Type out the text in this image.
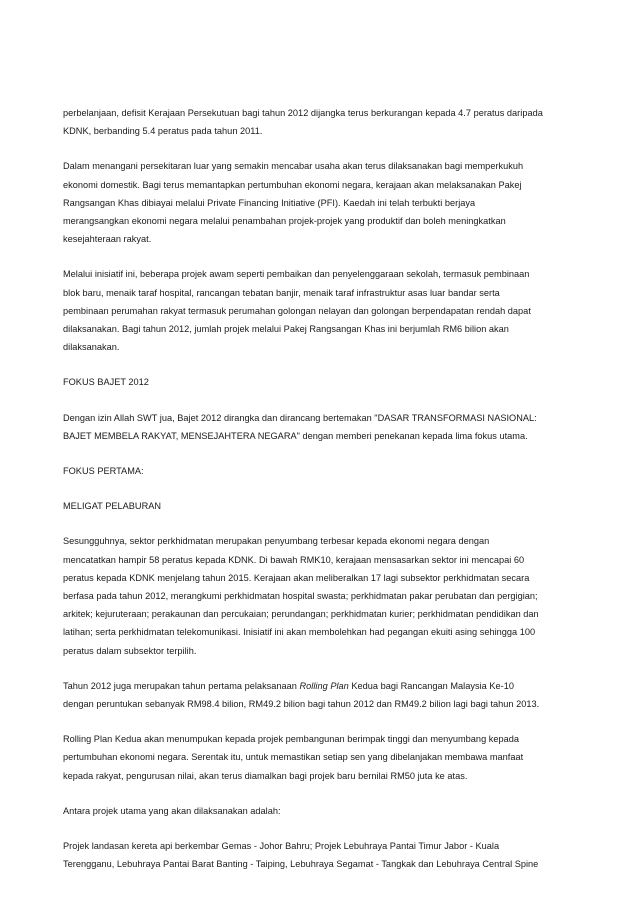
perbelanjaan, defisit Kerajaan Persekutuan bagi tahun 2012 dijangka terus berkurangan kepada 4.7 peratus daripada
KDNK, berbanding 5.4 peratus pada tahun 2011.

Dalam menangani persekitaran luar yang semakin mencabar usaha akan terus dilaksanakan bagi memperkukuh
ekonomi domestik. Bagi terus memantapkan pertumbuhan ekonomi negara, kerajaan akan melaksanakan Pakej
Rangsangan Khas dibiayai melalui Private Financing Initiative (PFI). Kaedah ini telah terbukti berjaya
merangsangkan ekonomi negara melalui penambahan projek-projek yang produktif dan boleh meningkatkan
kesejahteraan rakyat.

Melalui inisiatif ini, beberapa projek awam seperti pembaikan dan penyelenggaraan sekolah, termasuk pembinaan
blok baru, menaik taraf hospital, rancangan tebatan banjir, menaik taraf infrastruktur asas luar bandar serta
pembinaan perumahan rakyat termasuk perumahan golongan nelayan dan golongan berpendapatan rendah dapat
dilaksanakan. Bagi tahun 2012, jumlah projek melalui Pakej Rangsangan Khas ini berjumlah RM6 bilion akan
dilaksanakan.

FOKUS BAJET 2012

Dengan izin Allah SWT jua, Bajet 2012 dirangka dan dirancang bertemakan "DASAR TRANSFORMASI NASIONAL:
BAJET MEMBELA RAKYAT, MENSEJAHTERA NEGARA" dengan memberi penekanan kepada lima fokus utama.

FOKUS PERTAMA:

MELIGAT PELABURAN

Sesungguhnya, sektor perkhidmatan merupakan penyumbang terbesar kepada ekonomi negara dengan
mencatatkan hampir 58 peratus kepada KDNK. Di bawah RMK10, kerajaan mensasarkan sektor ini mencapai 60
peratus kepada KDNK menjelang tahun 2015. Kerajaan akan meliberalkan 17 lagi subsektor perkhidmatan secara
berfasa pada tahun 2012, merangkumi perkhidmatan hospital swasta; perkhidmatan pakar perubatan dan pergigian;
arkitek; kejuruteraan; perakaunan dan percukaian; perundangan; perkhidmatan kurier; perkhidmatan pendidikan dan
latihan; serta perkhidmatan telekomunikasi. Inisiatif ini akan membolehkan had pegangan ekuiti asing sehingga 100
peratus dalam subsektor terpilih.

Tahun 2012 juga merupakan tahun pertama pelaksanaan Rolling Plan Kedua bagi Rancangan Malaysia Ke-10
dengan peruntukan sebanyak RM98.4 bilion, RM49.2 bilion bagi tahun 2012 dan RM49.2 bilion lagi bagi tahun 2013.

Rolling Plan Kedua akan menumpukan kepada projek pembangunan berimpak tinggi dan menyumbang kepada
pertumbuhan ekonomi negara. Serentak itu, untuk memastikan setiap sen yang dibelanjakan membawa manfaat
kepada rakyat, pengurusan nilai, akan terus diamalkan bagi projek baru bernilai RM50 juta ke atas.

Antara projek utama yang akan dilaksanakan adalah:

Projek landasan kereta api berkembar Gemas - Johor Bahru; Projek Lebuhraya Pantai Timur Jabor - Kuala
Terengganu, Lebuhraya Pantai Barat Banting - Taiping, Lebuhraya Segamat - Tangkak dan Lebuhraya Central Spine
